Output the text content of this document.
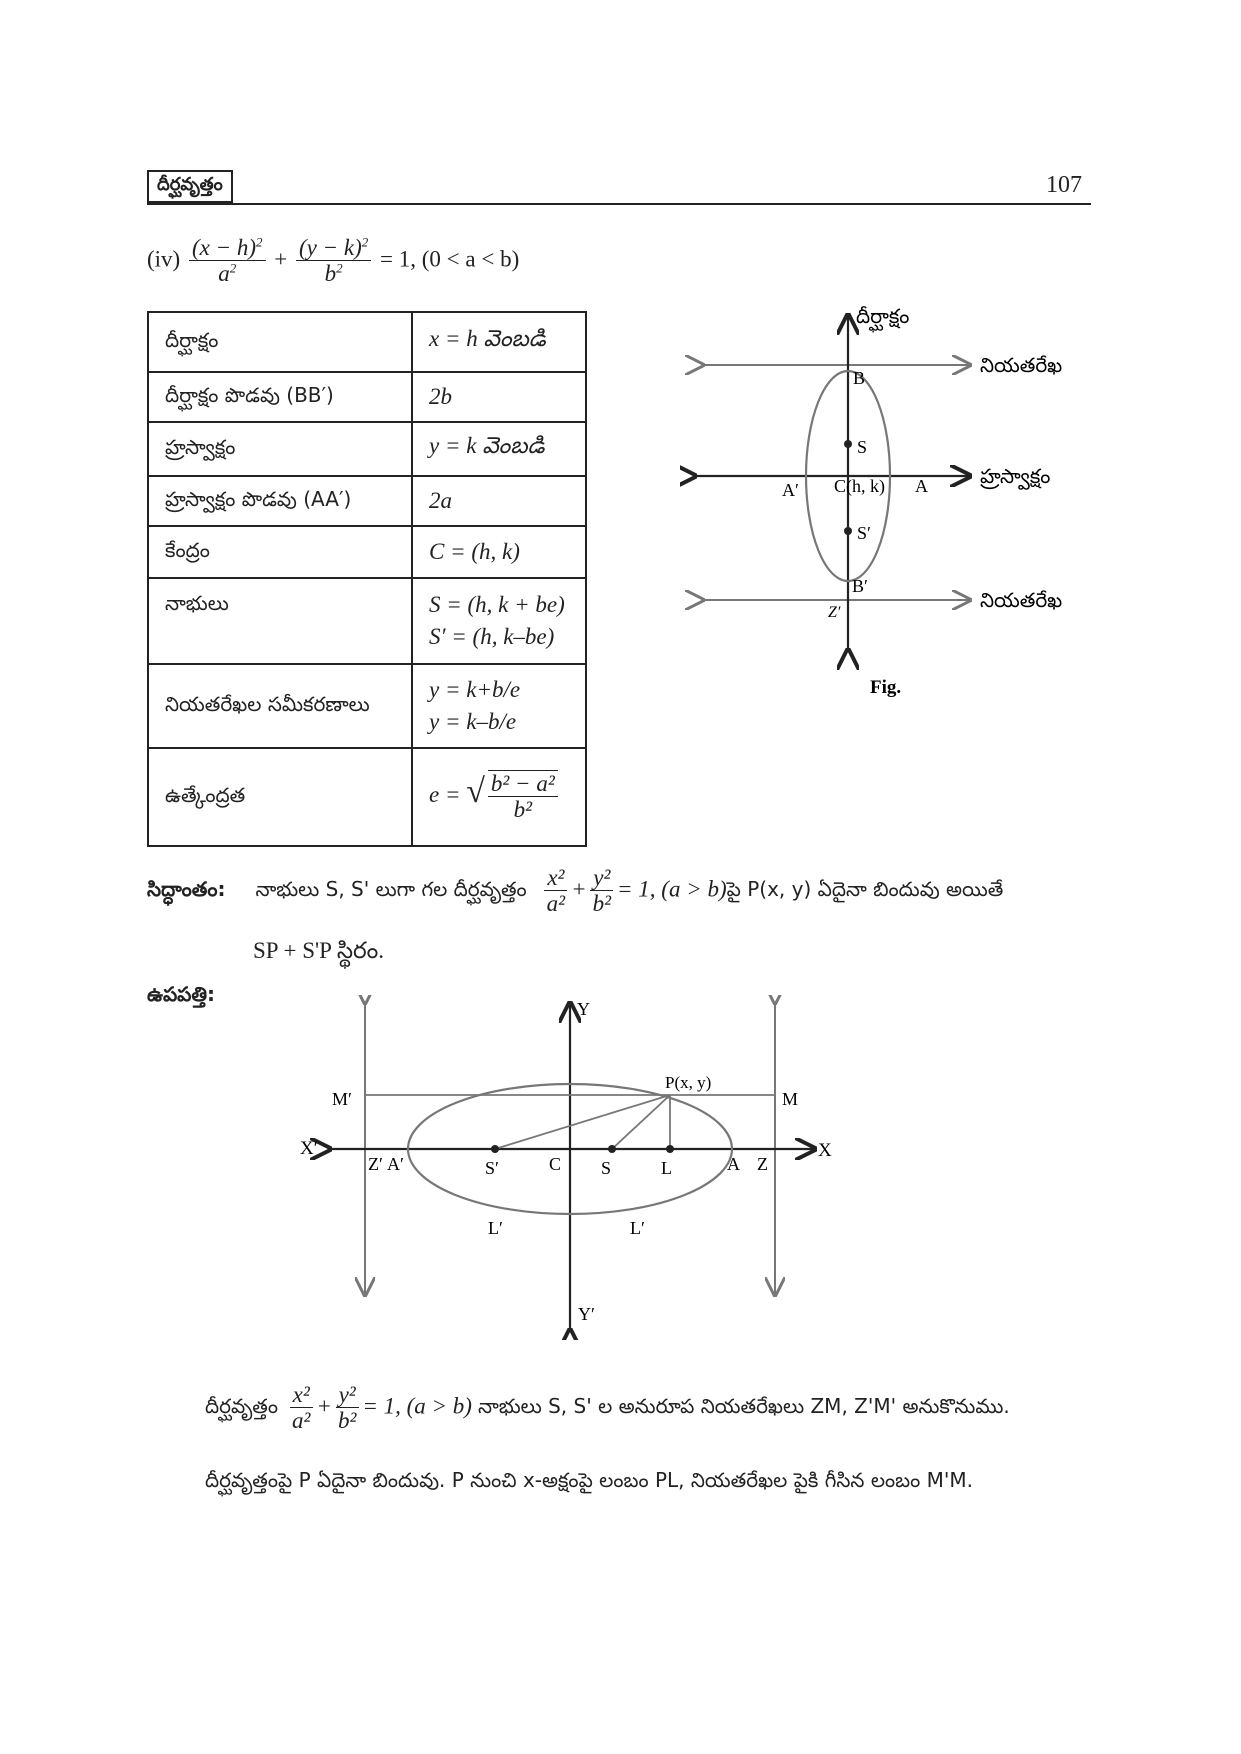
దీర్ఘవృత్తం	107
$(iv) \frac{(x - h)^2}{a^2} + \frac{(y - k)^2}{b^2} = 1$, (0 < a < b)
దీర్ఘాక్షం	x = h వెంబడి
దీర్ఘాక్షం పొడవు (BB′)	2b
హ్రస్వాక్షం	y = k వెంబడి
హ్రస్వాక్షం పొడవు (AA′)	2a
కేంద్రం	C = (h, k)
నాభులు	S = (h, k + be)
S′ = (h, k–be)

నియతరేఖల సమీకరణాలు	y = k+b/e
y = k–b/e

ఉత్కేంద్రత	e = √ $\frac{\text{b² − a²}}{\text{b²}}$
దీర్ఘాక్షం
నియతరేఖ
నియతరేఖ
హ్రస్వాక్షం
B
S
A′ C(h, k) A
S′
B′
Z′
Fig.
సిద్ధాంతం: నాభులు S, S' లుగా గల దీర్ఘవృత్తం $\frac{\text{x²}}{\text{a²}} + \frac{\text{y²}}{\text{b²}} = 1$, (a > b) పై P(x, y) ఏదైనా బిందువు అయితే
SP + S'P స్థిరం.
ఉపపత్తి:
Y
Y′
X
X′
M′	M
P(x, y)
Z′ A′	S′	C S	L	A Z
L′	L′
దీర్ఘవృత్తం $\frac{\text{x²}}{\text{a²}} + \frac{\text{y²}}{\text{b²}} = 1$, (a > b) నాభులు S, S' ల అనురూప నియతరేఖలు ZM, Z'M' అనుకొనుము.
దీర్ఘవృత్తంపై P ఏదైనా బిందువు. P నుంచి x-అక్షంపై లంబం PL, నియతరేఖల పైకి గీసిన లంబం M'M.
